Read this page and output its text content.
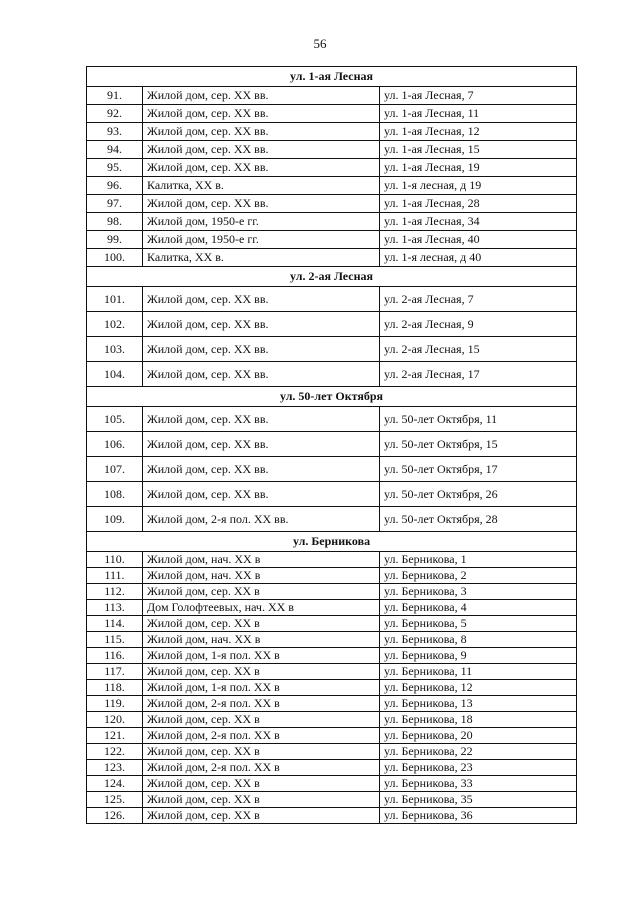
56
ул. 1-ая Лесная		
91.	Жилой дом, сер. XX вв.	ул. 1-ая Лесная, 7
92.	Жилой дом, сер. XX вв.	ул. 1-ая Лесная, 11
93.	Жилой дом, сер. XX вв.	ул. 1-ая Лесная, 12
94.	Жилой дом, сер. XX вв.	ул. 1-ая Лесная, 15
95.	Жилой дом, сер. XX вв.	ул. 1-ая Лесная, 19
96.	Калитка, XX в.	ул. 1-я лесная, д 19
97.	Жилой дом, сер. XX вв.	ул. 1-ая Лесная, 28
98.	Жилой дом, 1950-е гг.	ул. 1-ая Лесная, 34
99.	Жилой дом, 1950-е гг.	ул. 1-ая Лесная, 40
100.	Калитка, XX в.	ул. 1-я лесная, д 40
ул. 2-ая Лесная		
101.	Жилой дом, сер. XX вв.	ул. 2-ая Лесная, 7
102.	Жилой дом, сер. XX вв.	ул. 2-ая Лесная, 9
103.	Жилой дом, сер. XX вв.	ул. 2-ая Лесная, 15
104.	Жилой дом, сер. XX вв.	ул. 2-ая Лесная, 17
ул. 50-лет Октября		
105.	Жилой дом, сер. XX вв.	ул. 50-лет Октября, 11
106.	Жилой дом, сер. XX вв.	ул. 50-лет Октября, 15
107.	Жилой дом, сер. XX вв.	ул. 50-лет Октября, 17
108.	Жилой дом, сер. XX вв.	ул. 50-лет Октября, 26
109.	Жилой дом, 2-я пол. XX вв.	ул. 50-лет Октября, 28
ул. Берникова		
110.	Жилой дом, нач. XX в	ул. Берникова, 1
111.	Жилой дом, нач. XX в	ул. Берникова, 2
112.	Жилой дом, сер. XX в	ул. Берникова, 3
113.	Дом Голофтеевых, нач. XX в	ул. Берникова, 4
114.	Жилой дом, сер. XX в	ул. Берникова, 5
115.	Жилой дом, нач. XX в	ул. Берникова, 8
116.	Жилой дом, 1-я пол. XX в	ул. Берникова, 9
117.	Жилой дом, сер. XX в	ул. Берникова, 11
118.	Жилой дом, 1-я пол. XX в	ул. Берникова, 12
119.	Жилой дом, 2-я пол. XX в	ул. Берникова, 13
120.	Жилой дом, сер. XX в	ул. Берникова, 18
121.	Жилой дом, 2-я пол. XX в	ул. Берникова, 20
122.	Жилой дом, сер. XX в	ул. Берникова, 22
123.	Жилой дом, 2-я пол. XX в	ул. Берникова, 23
124.	Жилой дом, сер. XX в	ул. Берникова, 33
125.	Жилой дом, сер. XX в	ул. Берникова, 35
126.	Жилой дом, сер. XX в	ул. Берникова, 36
